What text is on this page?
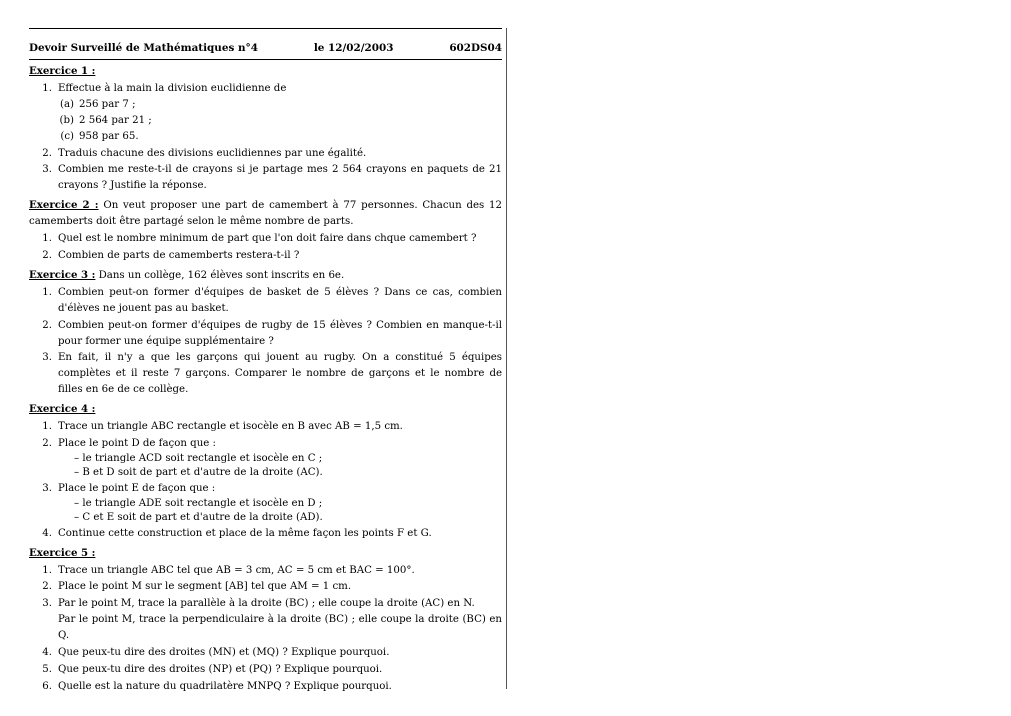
Devoir Surveillé de Mathématiques n°4	le 12/02/2003	602DS04
Exercice 1 :
1. Effectue à la main la division euclidienne de
(a) 256 par 7 ;
(b) 2 564 par 21 ;
(c) 958 par 65.
2. Traduis chacune des divisions euclidiennes par une égalité.
3. Combien me reste-t-il de crayons si je partage mes 2 564 crayons en paquets de 21 crayons ? Justifie la réponse.
Exercice 2 : On veut proposer une part de camembert à 77 personnes. Chacun des 12 camemberts doit être partagé selon le même nombre de parts.
1. Quel est le nombre minimum de part que l'on doit faire dans chque camembert ?
2. Combien de parts de camemberts restera-t-il ?
Exercice 3 : Dans un collège, 162 élèves sont inscrits en 6e.
1. Combien peut-on former d'équipes de basket de 5 élèves ? Dans ce cas, combien d'élèves ne jouent pas au basket.
2. Combien peut-on former d'équipes de rugby de 15 élèves ? Combien en manque-t-il pour former une équipe supplémentaire ?
3. En fait, il n'y a que les garçons qui jouent au rugby. On a constitué 5 équipes complètes et il reste 7 garçons. Comparer le nombre de garçons et le nombre de filles en 6e de ce collège.
Exercice 4 :
1. Trace un triangle ABC rectangle et isocèle en B avec AB = 1,5 cm.
2. Place le point D de façon que :
– le triangle ACD soit rectangle et isocèle en C ;
– B et D soit de part et d'autre de la droite (AC).
3. Place le point E de façon que :
– le triangle ADE soit rectangle et isocèle en D ;
– C et E soit de part et d'autre de la droite (AD).
4. Continue cette construction et place de la même façon les points F et G.
Exercice 5 :
1. Trace un triangle ABC tel que AB = 3 cm, AC = 5 cm et BAC = 100°.
2. Place le point M sur le segment [AB] tel que AM = 1 cm.
3. Par le point M, trace la parallèle à la droite (BC) ; elle coupe la droite (AC) en N.
Par le point M, trace la perpendiculaire à la droite (BC) ; elle coupe la droite (BC) en Q.
4. Que peux-tu dire des droites (MN) et (MQ) ? Explique pourquoi.
5. Que peux-tu dire des droites (NP) et (PQ) ? Explique pourquoi.
6. Quelle est la nature du quadrilatère MNPQ ? Explique pourquoi.
